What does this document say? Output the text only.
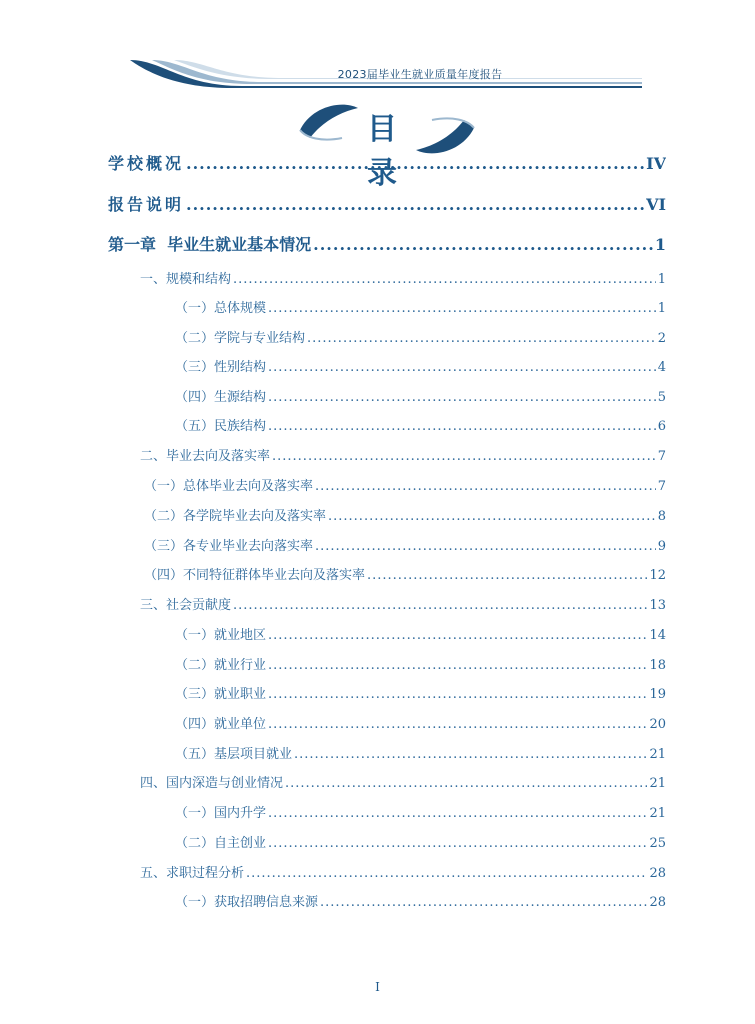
2023届毕业生就业质量年度报告
目 录
学校概况 .....	IV
报告说明 .....	VI
第一章  毕业生就业基本情况 .....	1
一、规模和结构 .....	1
（一）总体规模 .....	1
（二）学院与专业结构 .....	2
（三）性别结构 .....	4
（四）生源结构 .....	5
（五）民族结构 .....	6
二、毕业去向及落实率 .....	7
（一）总体毕业去向及落实率 .....	7
（二）各学院毕业去向及落实率 .....	8
（三）各专业毕业去向落实率 .....	9
（四）不同特征群体毕业去向及落实率 .....	12
三、社会贡献度 .....	13
（一）就业地区 .....	14
（二）就业行业 .....	18
（三）就业职业 .....	19
（四）就业单位 .....	20
（五）基层项目就业 .....	21
四、国内深造与创业情况 .....	21
（一）国内升学 .....	21
（二）自主创业 .....	25
五、求职过程分析 .....	28
（一）获取招聘信息来源 .....	28
I
